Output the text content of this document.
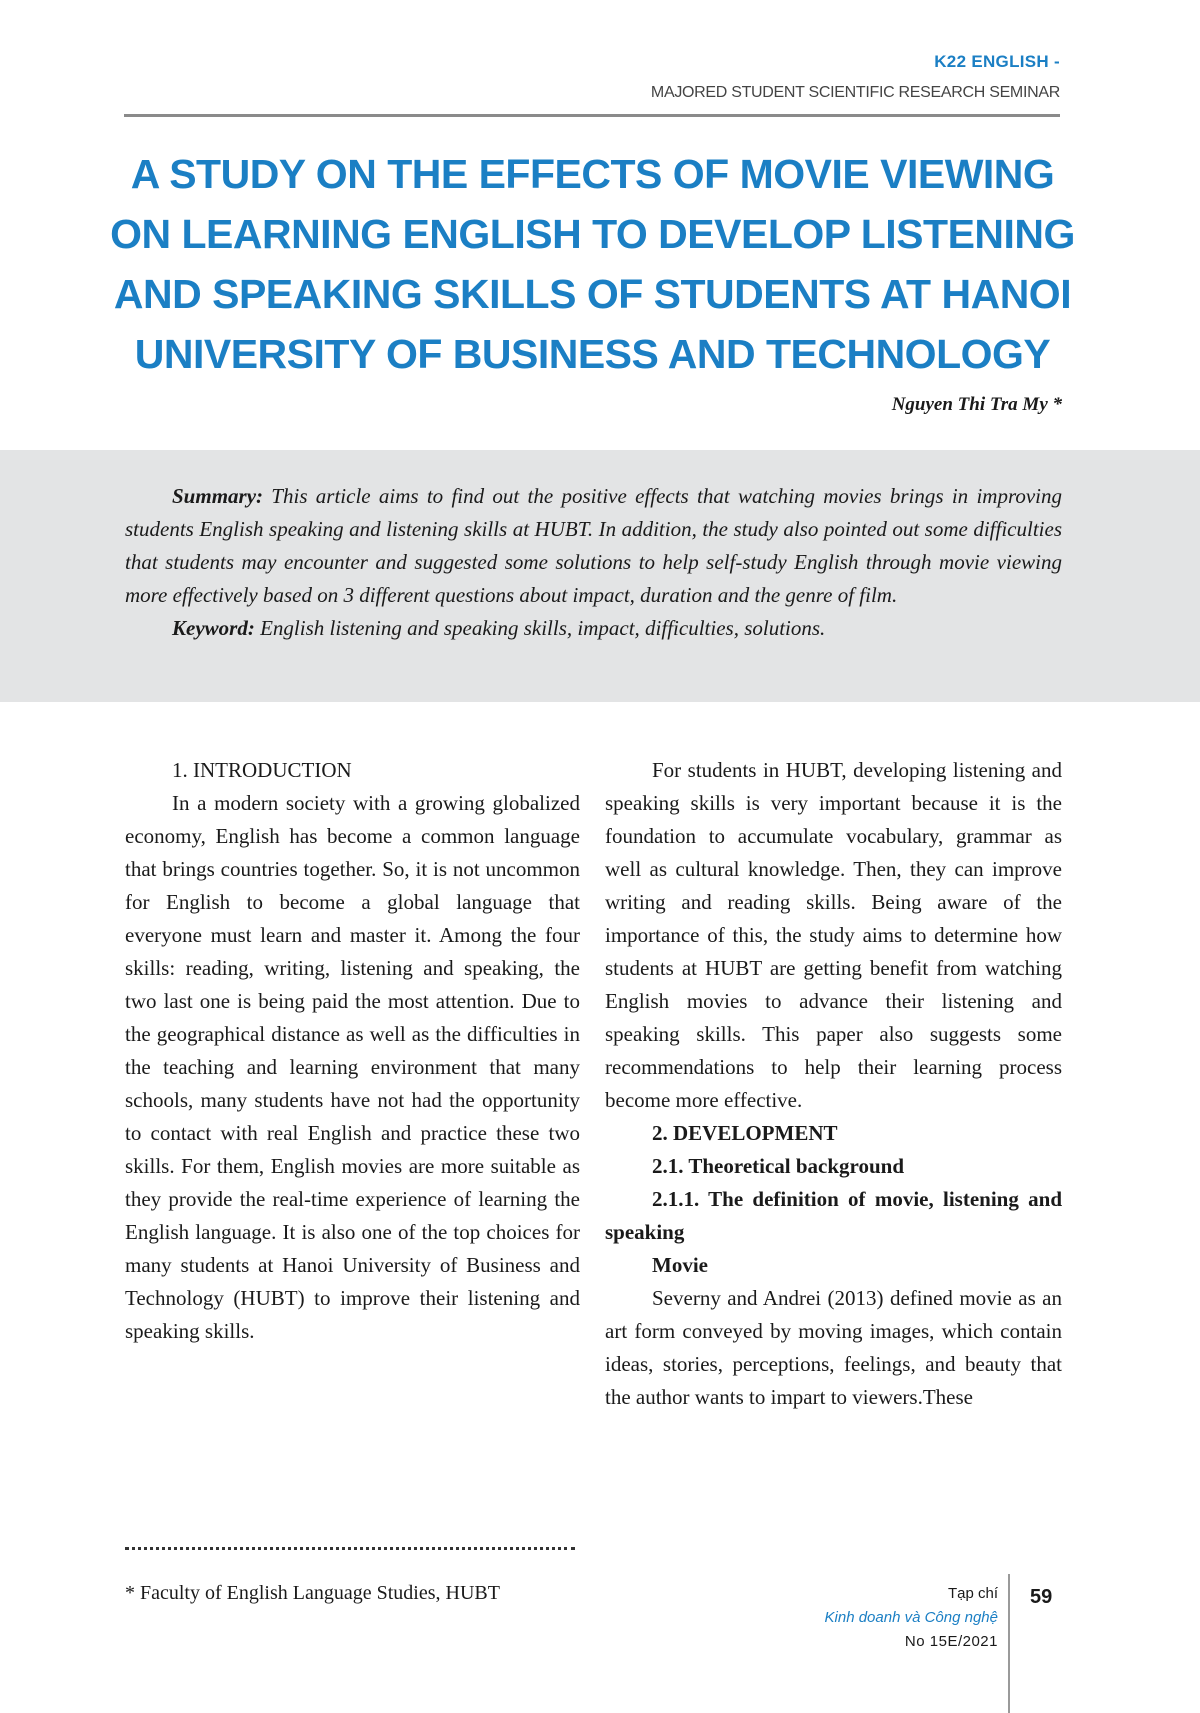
K22 ENGLISH -
MAJORED STUDENT SCIENTIFIC RESEARCH SEMINAR
A STUDY ON THE EFFECTS OF MOVIE VIEWING
ON LEARNING ENGLISH TO DEVELOP LISTENING
AND SPEAKING SKILLS OF STUDENTS AT HANOI
UNIVERSITY OF BUSINESS AND TECHNOLOGY
Nguyen Thi Tra My *

Summary: This article aims to find out the positive effects that watching movies brings in improving students English speaking and listening skills at HUBT. In addition, the study also pointed out some difficulties that students may encounter and suggested some solutions to help self-study English through movie viewing more effectively based on 3 different questions about impact, duration and the genre of film.

Keyword: English listening and speaking skills, impact, difficulties, solutions.

1. INTRODUCTION

In a modern society with a growing globalized economy, English has become a common language that brings countries together. So, it is not uncommon for English to become a global language that everyone must learn and master it. Among the four skills: reading, writing, listening and speaking, the two last one is being paid the most attention. Due to the geographical distance as well as the difficulties in the teaching and learning environment that many schools, many students have not had the opportunity to contact with real English and practice these two skills. For them, English movies are more suitable as they provide the real-time experience of learning the English language. It is also one of the top choices for many students at Hanoi University of Business and Technology (HUBT) to improve their listening and speaking skills.

For students in HUBT, developing listening and speaking skills is very important because it is the foundation to accumulate vocabulary, grammar as well as cultural knowledge. Then, they can improve writing and reading skills. Being aware of the importance of this, the study aims to determine how students at HUBT are getting benefit from watching English movies to advance their listening and speaking skills. This paper also suggests some recommendations to help their learning process become more effective.

2. DEVELOPMENT

2.1. Theoretical background

2.1.1. The definition of movie, listening and speaking

Movie

Severny and Andrei (2013) defined movie as an art form conveyed by moving images, which contain ideas, stories, perceptions, feelings, and beauty that the author wants to impart to viewers.These

* Faculty of English Language Studies, HUBT	Tạp chí
Kinh doanh và Công nghệ
No 15E/2021
59
